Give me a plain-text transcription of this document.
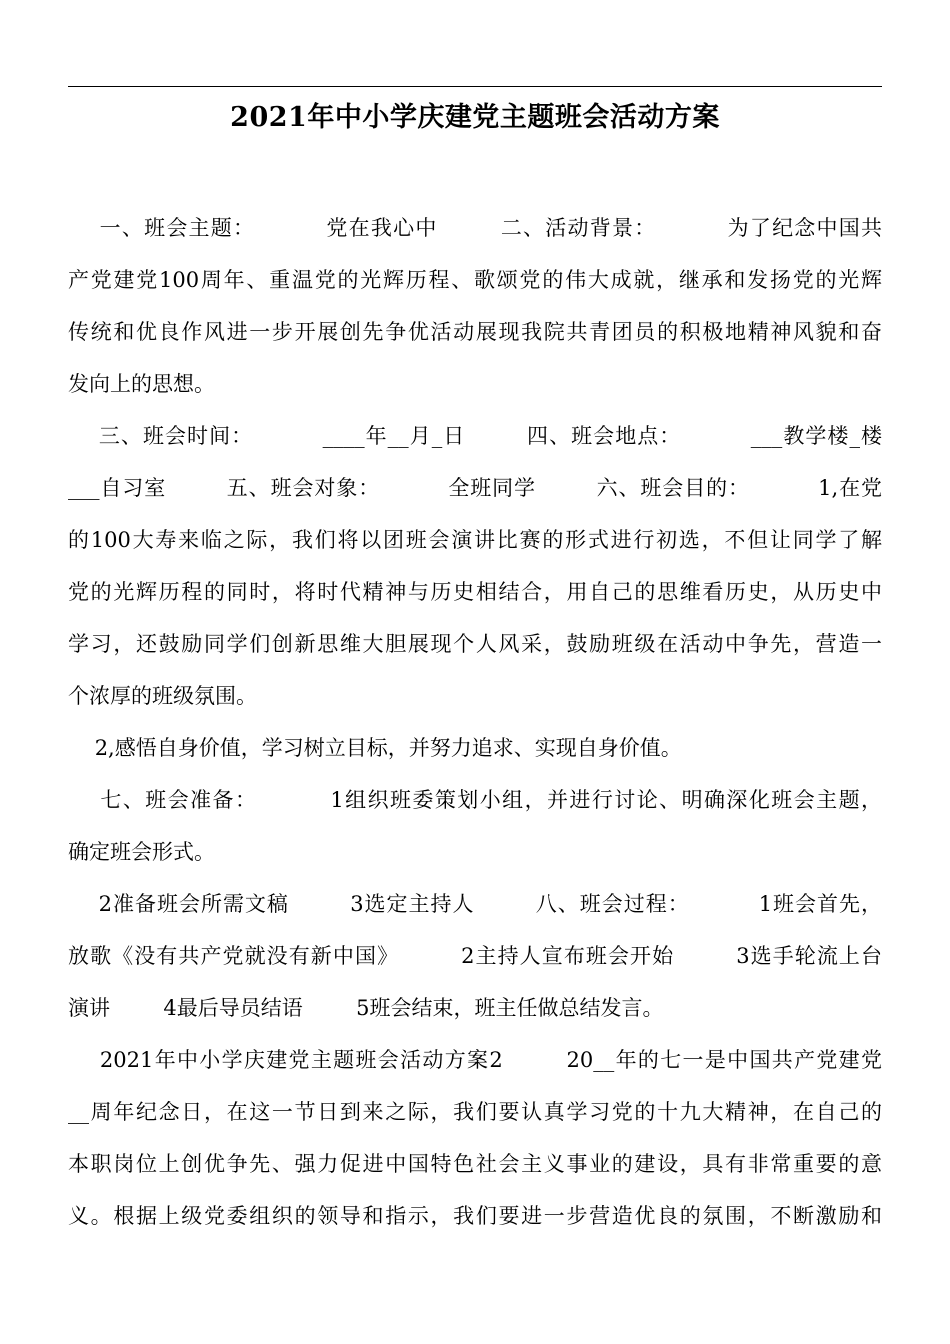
2021年中小学庆建党主题班会活动方案
一、班会主题：         党在我心中        二、活动背景：         为了纪念中国共
产党建党100周年、重温党的光辉历程、歌颂党的伟大成就，继承和发扬党的光辉
传统和优良作风进一步开展创先争优活动展现我院共青团员的积极地精神风貌和奋
发向上的思想。
三、班会时间：         ____年__月_日        四、班会地点：         ___教学楼_楼
___自习室        五、班会对象：         全班同学        六、班会目的：         1,在党
的100大寿来临之际，我们将以团班会演讲比赛的形式进行初选，不但让同学了解
党的光辉历程的同时，将时代精神与历史相结合，用自己的思维看历史，从历史中
学习，还鼓励同学们创新思维大胆展现个人风采，鼓励班级在活动中争先，营造一
个浓厚的班级氛围。
2,感悟自身价值，学习树立目标，并努力追求、实现自身价值。
七、班会准备：         1组织班委策划小组，并进行讨论、明确深化班会主题，
确定班会形式。
2准备班会所需文稿        3选定主持人        八、班会过程：         1班会首先，
放歌《没有共产党就没有新中国》        2主持人宣布班会开始        3选手轮流上台
演讲        4最后导员结语        5班会结束，班主任做总结发言。
2021年中小学庆建党主题班会活动方案2        20__年的七一是中国共产党建党
__周年纪念日，在这一节日到来之际，我们要认真学习党的十九大精神，在自己的
本职岗位上创优争先、强力促进中国特色社会主义事业的建设，具有非常重要的意
义。根据上级党委组织的领导和指示，我们要进一步营造优良的氛围，不断激励和
